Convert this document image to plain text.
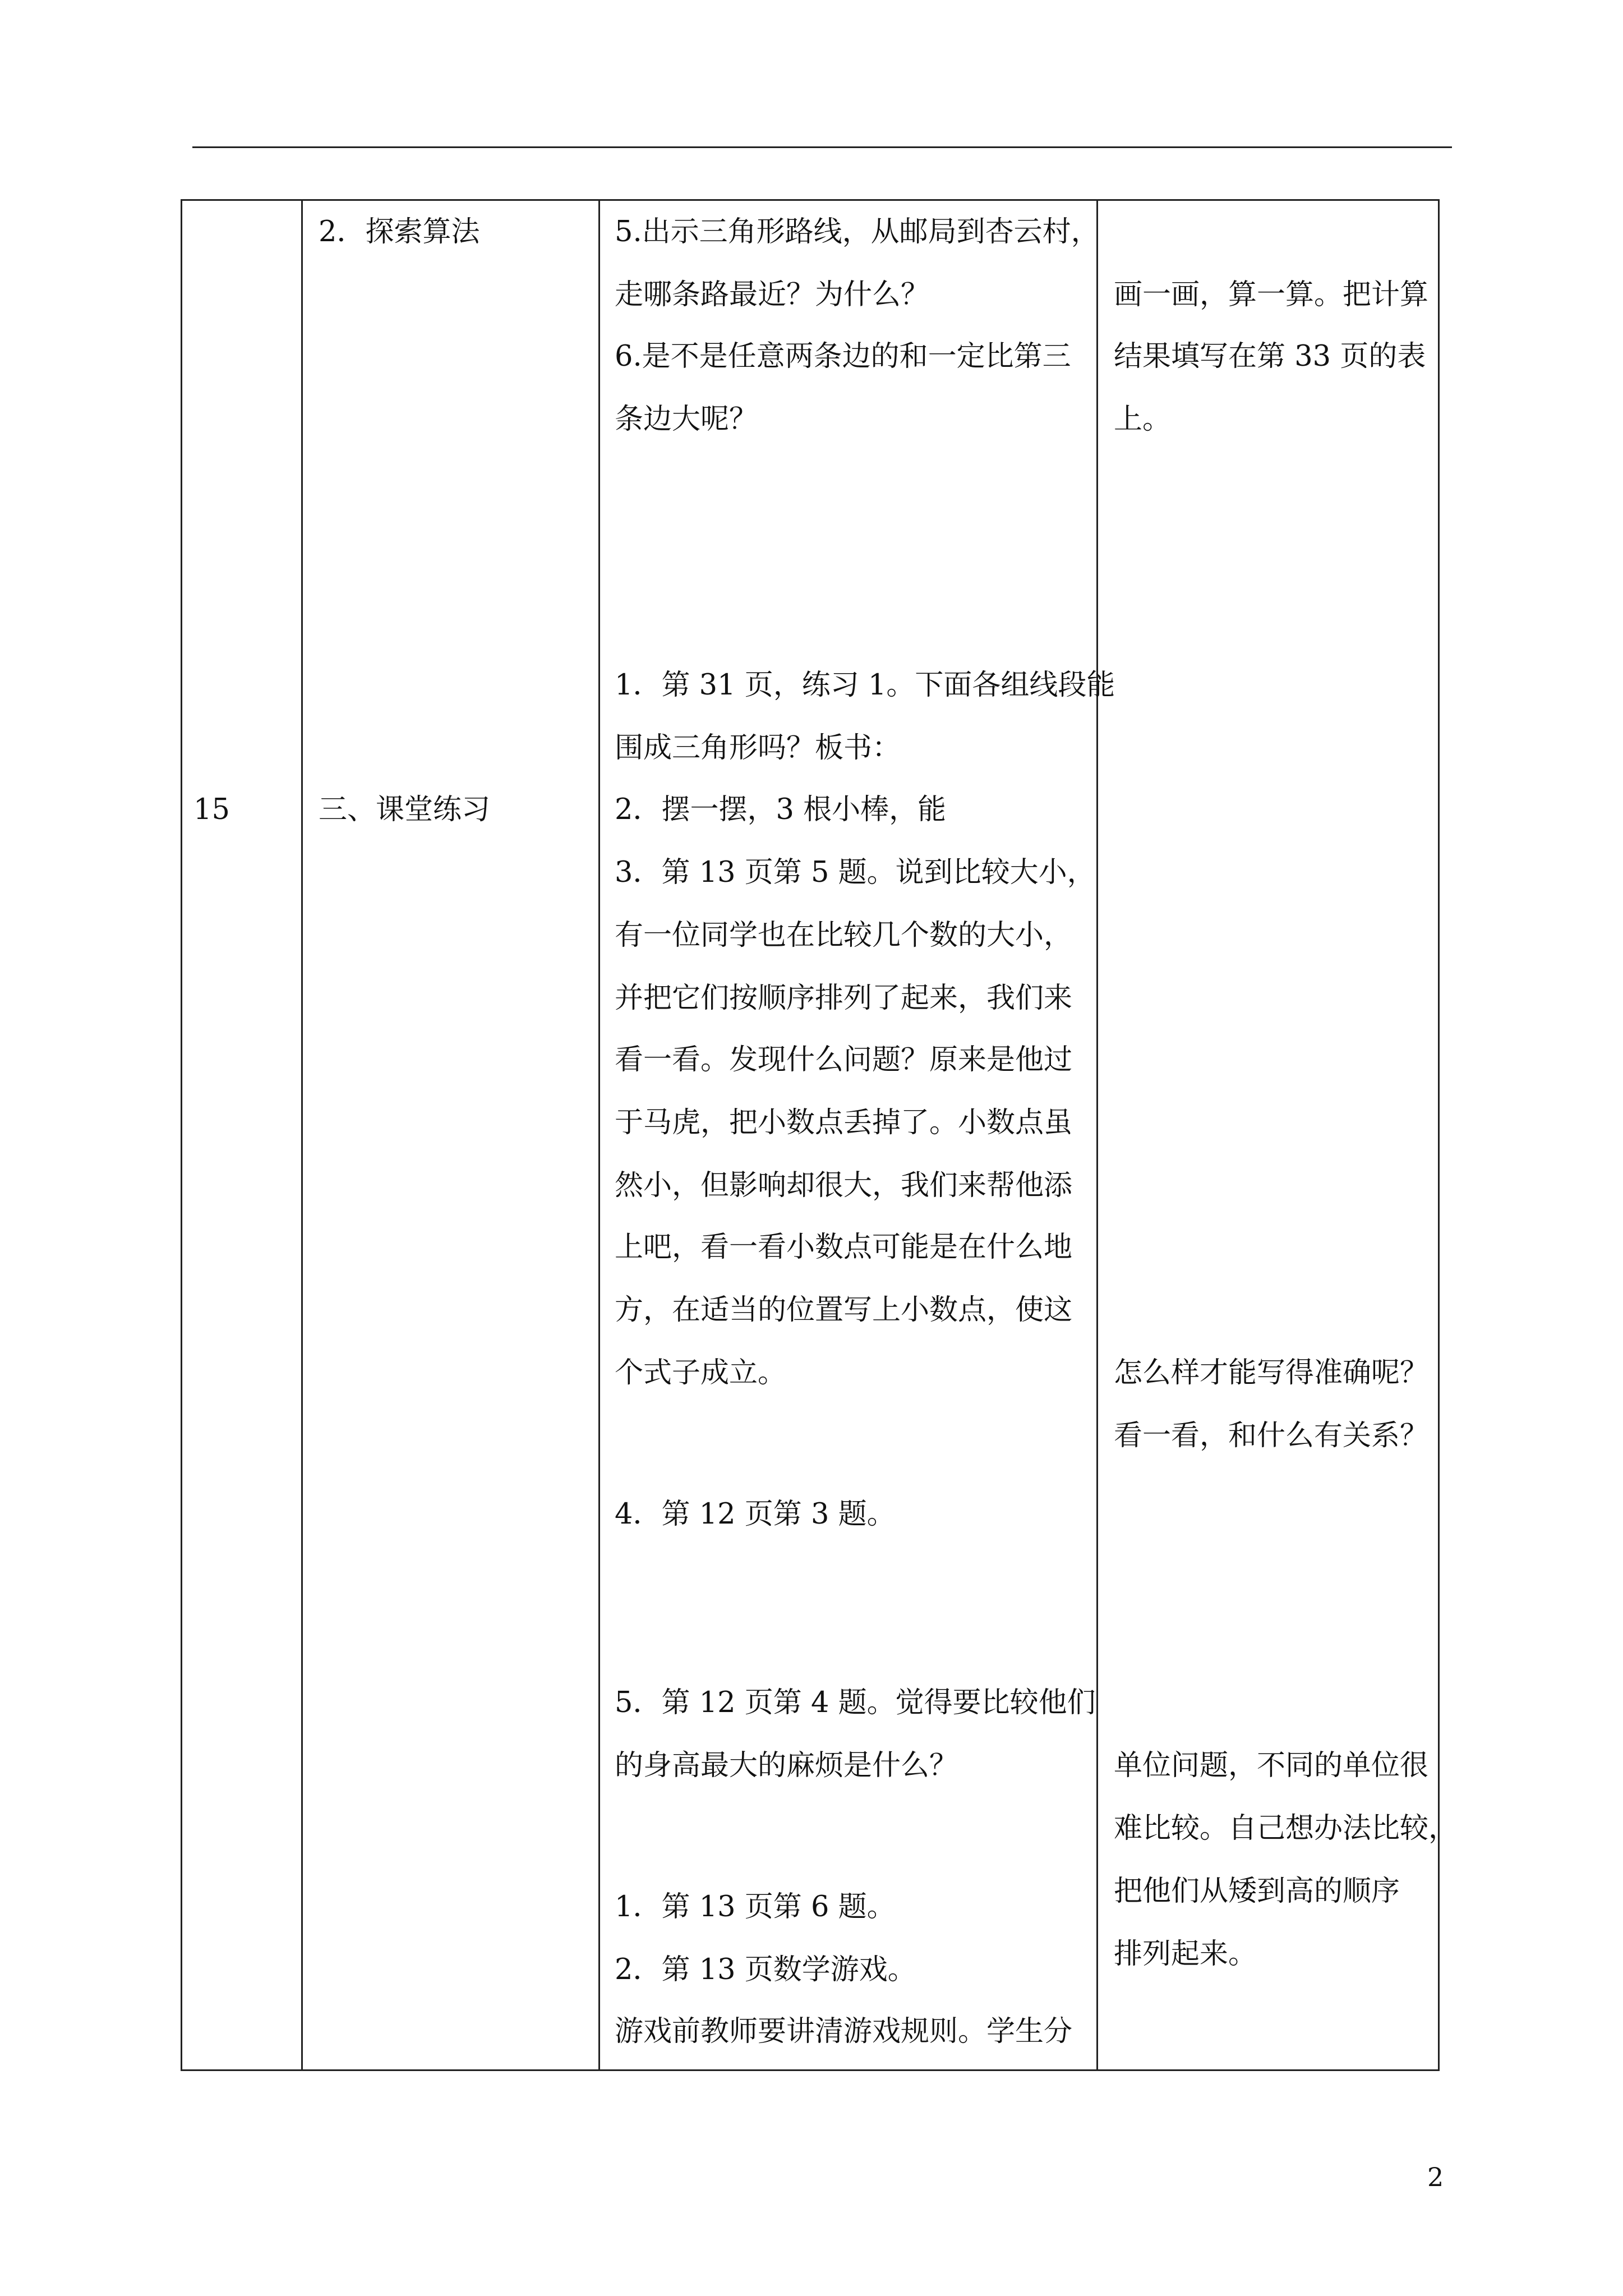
15
2．探索算法
三、课堂练习
5.出示三角形路线，从邮局到杏云村，
走哪条路最近？为什么？
6.是不是任意两条边的和一定比第三
条边大呢？
1．第 31 页，练习 1。下面各组线段能
围成三角形吗？板书：
2．摆一摆，3 根小棒，能
3．第 13 页第 5 题。说到比较大小，
有一位同学也在比较几个数的大小，
并把它们按顺序排列了起来，我们来
看一看。发现什么问题？原来是他过
于马虎，把小数点丢掉了。小数点虽
然小，但影响却很大，我们来帮他添
上吧，看一看小数点可能是在什么地
方，在适当的位置写上小数点，使这
个式子成立。
4．第 12 页第 3 题。
5．第 12 页第 4 题。觉得要比较他们
的身高最大的麻烦是什么？
1．第 13 页第 6 题。
2．第 13 页数学游戏。
游戏前教师要讲清游戏规则。学生分
画一画，算一算。把计算
结果填写在第 33 页的表
上。
怎么样才能写得准确呢？
看一看，和什么有关系？
单位问题，不同的单位很
难比较。自己想办法比较，
把他们从矮到高的顺序
排列起来。
2
